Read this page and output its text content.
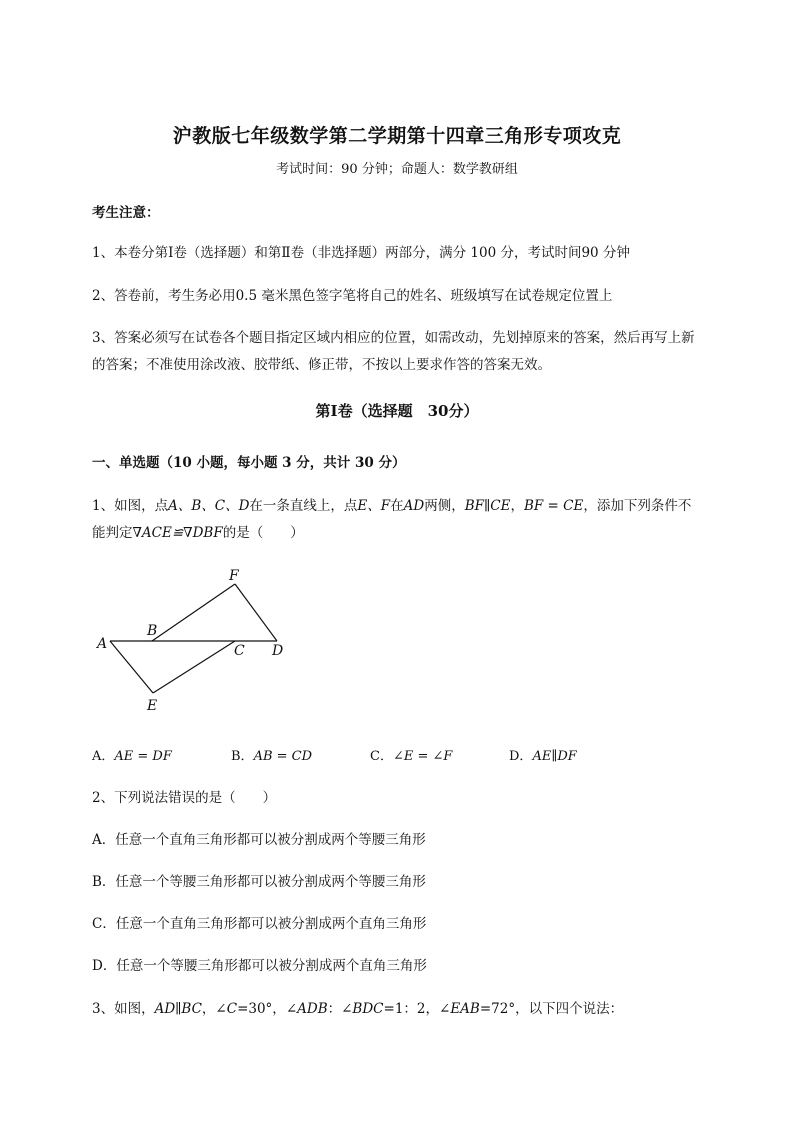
沪教版七年级数学第二学期第十四章三角形专项攻克
考试时间：90 分钟；命题人：数学教研组
考生注意：
1、本卷分第Ⅰ卷（选择题）和第Ⅱ卷（非选择题）两部分，满分 100 分，考试时间90 分钟
2、答卷前，考生务必用0.5 毫米黑色签字笔将自己的姓名、班级填写在试卷规定位置上
3、答案必须写在试卷各个题目指定区域内相应的位置，如需改动，先划掉原来的答案，然后再写上新
的答案；不准使用涂改液、胶带纸、修正带，不按以上要求作答的答案无效。
第Ⅰ卷（选择题　30分）
一、单选题（10 小题，每小题 3 分，共计 30 分）
1、如图，点A、B、C、D在一条直线上，点E、F在AD两侧，BF∥CE，BF = CE，添加下列条件不
能判定∇ACE≌∇DBF的是（　　）
A
B
C D
E
F
A．AE = DF	B．AB = CD	C．∠E = ∠F	D．AE∥DF
2、下列说法错误的是（　　）
A．任意一个直角三角形都可以被分割成两个等腰三角形
B．任意一个等腰三角形都可以被分割成两个等腰三角形
C．任意一个直角三角形都可以被分割成两个直角三角形
D．任意一个等腰三角形都可以被分割成两个直角三角形
3、如图，AD∥BC，∠C=30°，∠ADB：∠BDC=1：2，∠EAB=72°，以下四个说法：
